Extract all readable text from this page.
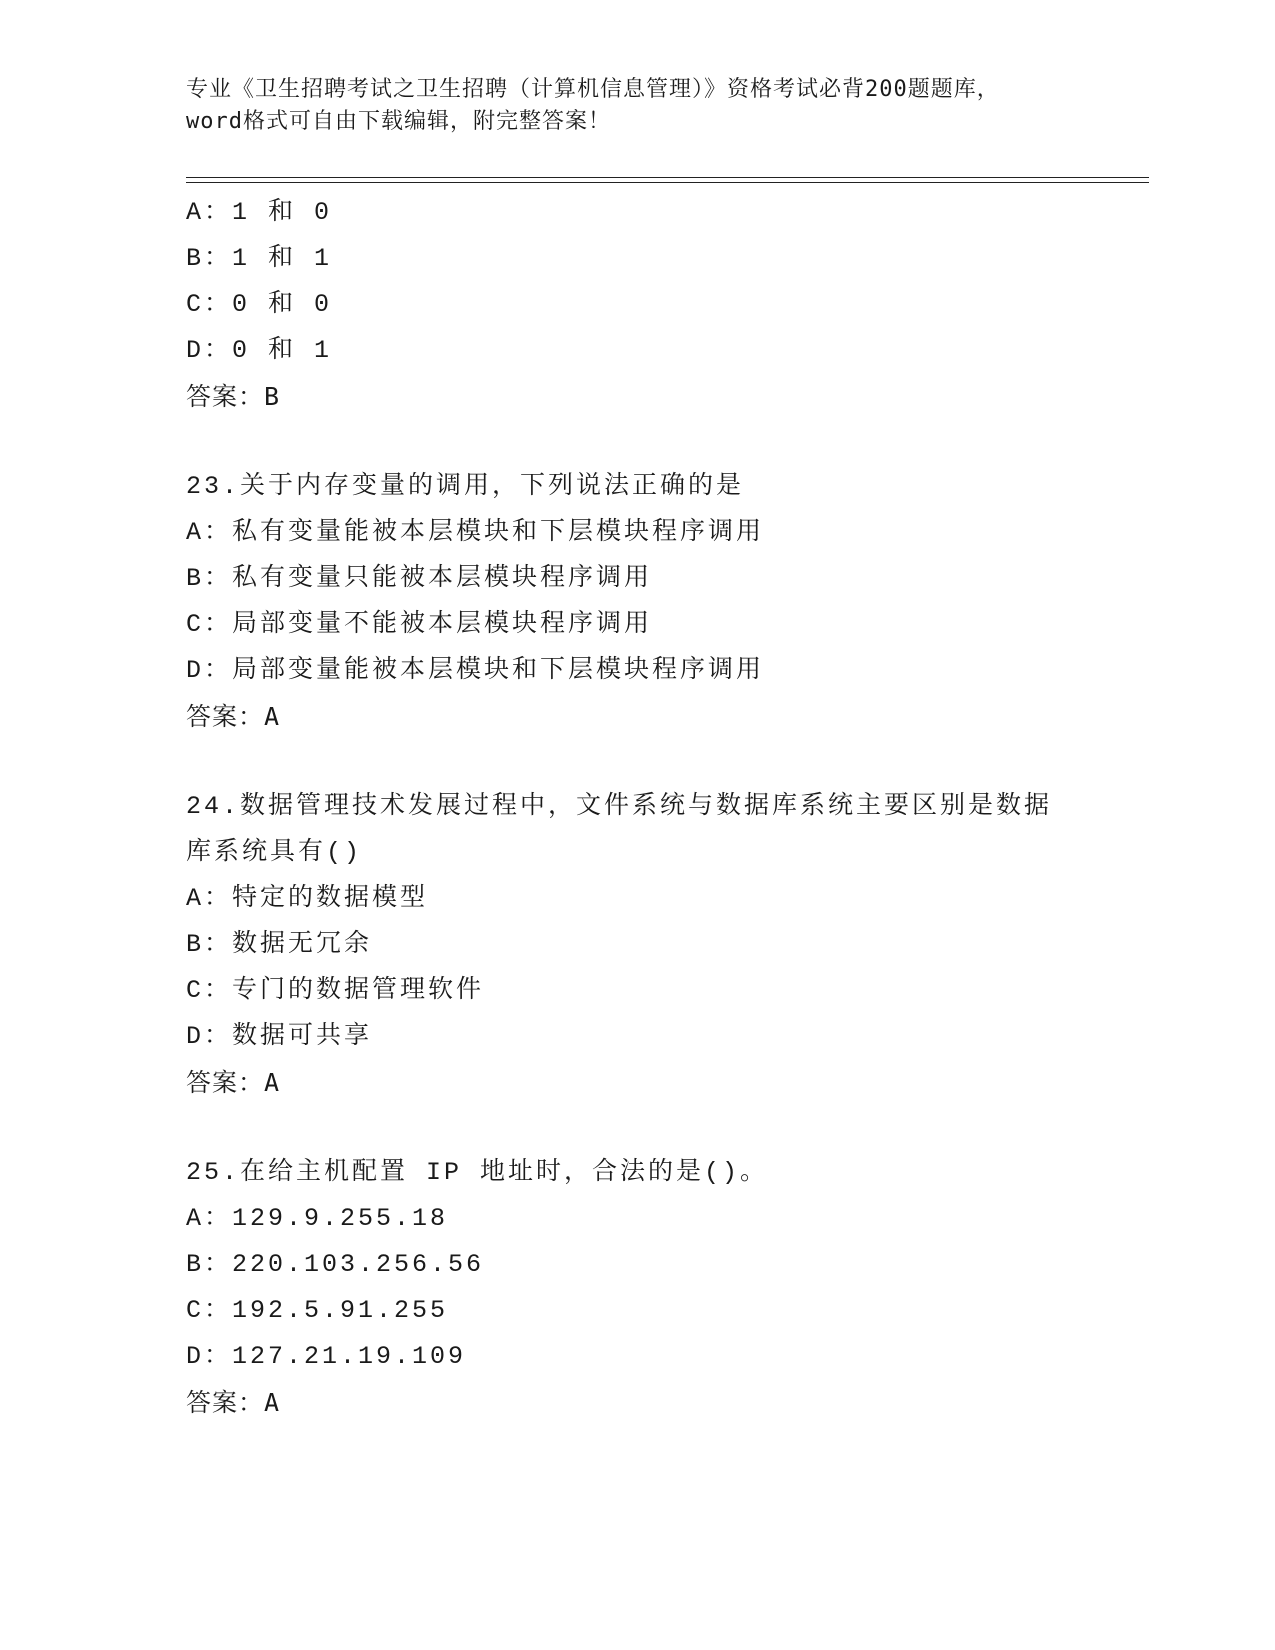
专业《卫生招聘考试之卫生招聘（计算机信息管理）》资格考试必背200题题库，
word格式可自由下载编辑，附完整答案！
A：1 和 0
B：1 和 1
C：0 和 0
D：0 和 1
答案：B
23.关于内存变量的调用，下列说法正确的是
A：私有变量能被本层模块和下层模块程序调用
B：私有变量只能被本层模块程序调用
C：局部变量不能被本层模块程序调用
D：局部变量能被本层模块和下层模块程序调用
答案：A
24.数据管理技术发展过程中，文件系统与数据库系统主要区别是数据
库系统具有()
A：特定的数据模型
B：数据无冗余
C：专门的数据管理软件
D：数据可共享
答案：A
25.在给主机配置 IP 地址时，合法的是()。
A：129.9.255.18
B：220.103.256.56
C：192.5.91.255
D：127.21.19.109
答案：A
